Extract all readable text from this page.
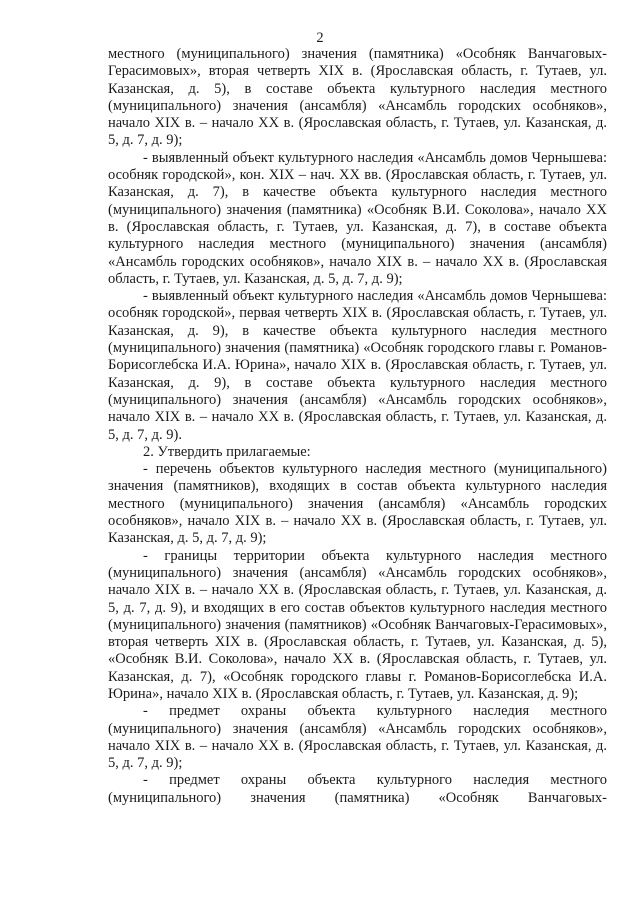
2

местного (муниципального) значения (памятника) «Особняк Ванчаговых-Герасимовых», вторая четверть XIX в. (Ярославская область, г. Тутаев, ул. Казанская, д. 5), в составе объекта культурного наследия местного (муниципального) значения (ансамбля) «Ансамбль городских особняков», начало XIX в. – начало XX в. (Ярославская область, г. Тутаев, ул. Казанская, д. 5, д. 7, д. 9);

- выявленный объект культурного наследия «Ансамбль домов Чернышева: особняк городской», кон. XIX – нач. XX вв. (Ярославская область, г. Тутаев, ул. Казанская, д. 7), в качестве объекта культурного наследия местного (муниципального) значения (памятника) «Особняк В.И. Соколова», начало XX в. (Ярославская область, г. Тутаев, ул. Казанская, д. 7), в составе объекта культурного наследия местного (муниципального) значения (ансамбля) «Ансамбль городских особняков», начало XIX в. – начало XX в. (Ярославская область, г. Тутаев, ул. Казанская, д. 5, д. 7, д. 9);

- выявленный объект культурного наследия «Ансамбль домов Чернышева: особняк городской», первая четверть XIX в. (Ярославская область, г. Тутаев, ул. Казанская, д. 9), в качестве объекта культурного наследия местного (муниципального) значения (памятника) «Особняк городского главы г. Романов-Борисоглебска И.А. Юрина», начало XIX в. (Ярославская область, г. Тутаев, ул. Казанская, д. 9), в составе объекта культурного наследия местного (муниципального) значения (ансамбля) «Ансамбль городских особняков», начало XIX в. – начало XX в. (Ярославская область, г. Тутаев, ул. Казанская, д. 5, д. 7, д. 9).

2. Утвердить прилагаемые:

- перечень объектов культурного наследия местного (муниципального) значения (памятников), входящих в состав объекта культурного наследия местного (муниципального) значения (ансамбля) «Ансамбль городских особняков», начало XIX в. – начало XX в. (Ярославская область, г. Тутаев, ул. Казанская, д. 5, д. 7, д. 9);

- границы территории объекта культурного наследия местного (муниципального) значения (ансамбля) «Ансамбль городских особняков», начало XIX в. – начало XX в. (Ярославская область, г. Тутаев, ул. Казанская, д. 5, д. 7, д. 9), и входящих в его состав объектов культурного наследия местного (муниципального) значения (памятников) «Особняк Ванчаговых-Герасимовых», вторая четверть XIX в. (Ярославская область, г. Тутаев, ул. Казанская, д. 5), «Особняк В.И. Соколова», начало XX в. (Ярославская область, г. Тутаев, ул. Казанская, д. 7), «Особняк городского главы г. Романов-Борисоглебска И.А. Юрина», начало XIX в. (Ярославская область, г. Тутаев, ул. Казанская, д. 9);

- предмет охраны объекта культурного наследия местного (муниципального) значения (ансамбля) «Ансамбль городских особняков», начало XIX в. – начало XX в. (Ярославская область, г. Тутаев, ул. Казанская, д. 5, д. 7, д. 9);

- предмет охраны объекта культурного наследия местного (муниципального) значения (памятника) «Особняк Ванчаговых-
